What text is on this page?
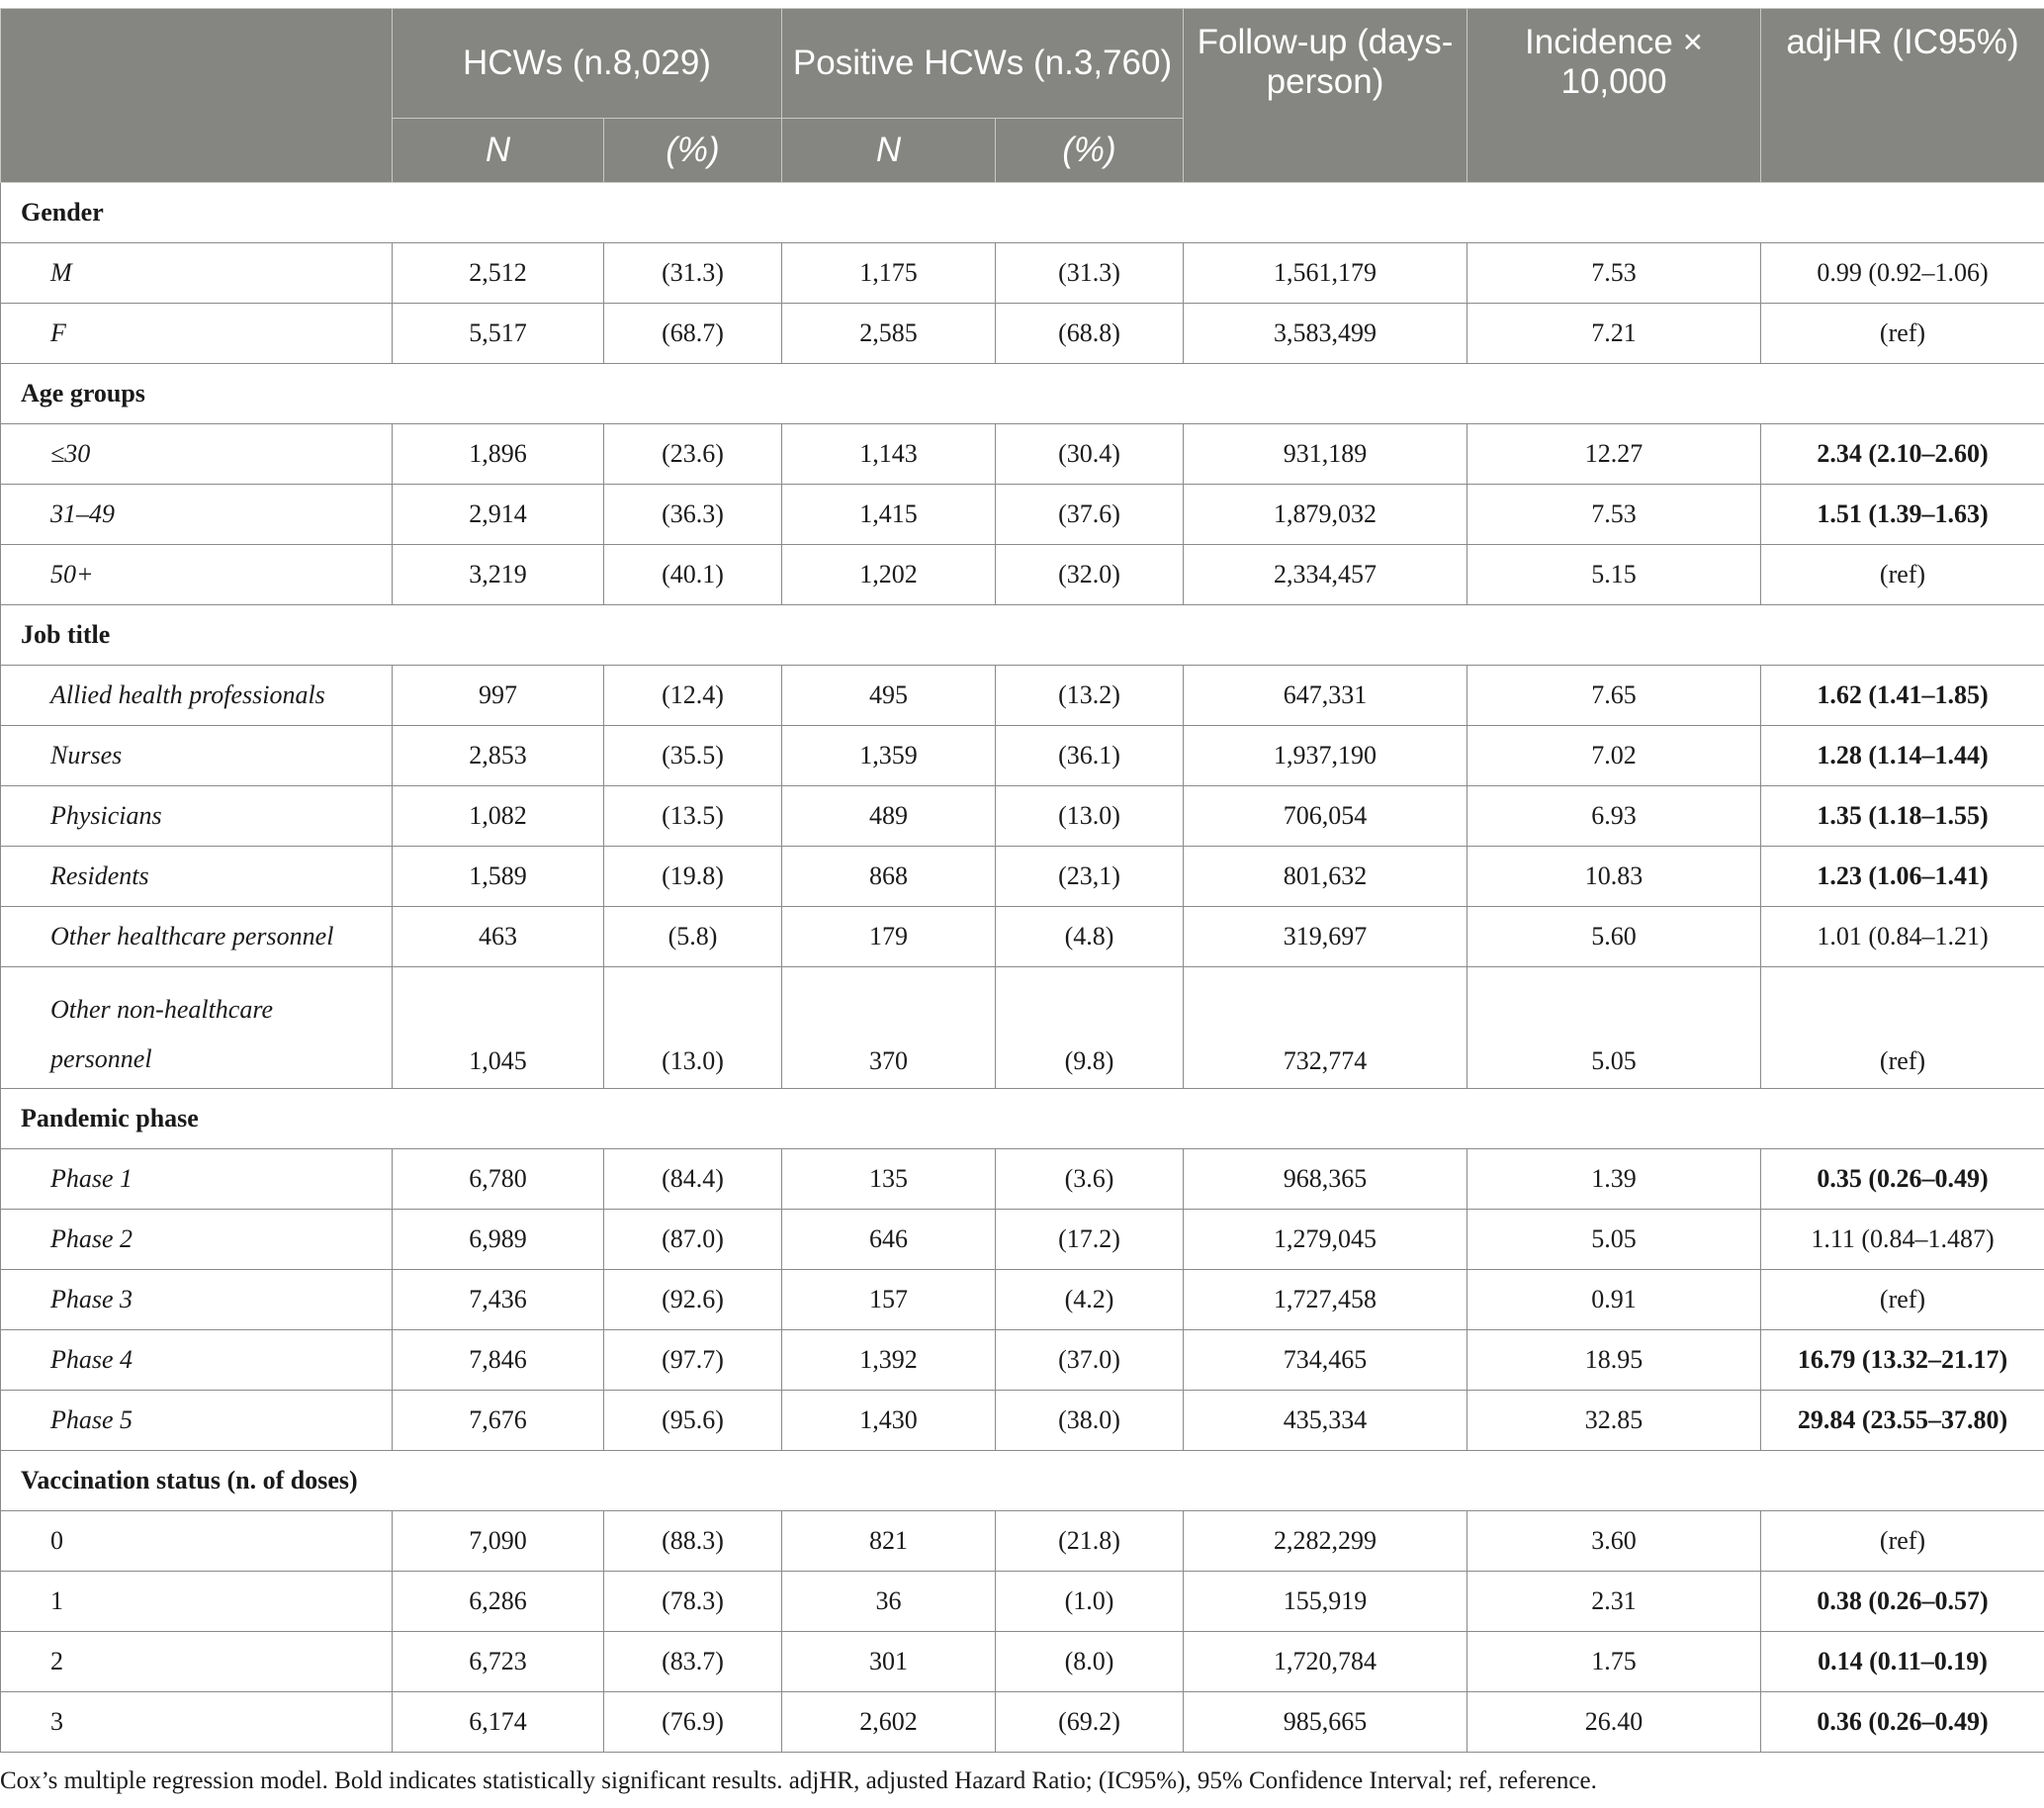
	HCWs (n.8,029)		Positive HCWs (n.3,760)		Follow-up (days-person)	Incidence × 10,000	adjHR (IC95%)
	N	(%)	N	(%)			
Gender							
M	2,512	(31.3)	1,175	(31.3)	1,561,179	7.53	0.99 (0.92–1.06)
F	5,517	(68.7)	2,585	(68.8)	3,583,499	7.21	(ref)
Age groups							
≤30	1,896	(23.6)	1,143	(30.4)	931,189	12.27	2.34 (2.10–2.60)
31–49	2,914	(36.3)	1,415	(37.6)	1,879,032	7.53	1.51 (1.39–1.63)
50+	3,219	(40.1)	1,202	(32.0)	2,334,457	5.15	(ref)
Job title							
Allied health professionals	997	(12.4)	495	(13.2)	647,331	7.65	1.62 (1.41–1.85)
Nurses	2,853	(35.5)	1,359	(36.1)	1,937,190	7.02	1.28 (1.14–1.44)
Physicians	1,082	(13.5)	489	(13.0)	706,054	6.93	1.35 (1.18–1.55)
Residents	1,589	(19.8)	868	(23,1)	801,632	10.83	1.23 (1.06–1.41)
Other healthcare personnel	463	(5.8)	179	(4.8)	319,697	5.60	1.01 (0.84–1.21)
Other non-healthcare personnel	1,045	(13.0)	370	(9.8)	732,774	5.05	(ref)
Pandemic phase							
Phase 1	6,780	(84.4)	135	(3.6)	968,365	1.39	0.35 (0.26–0.49)
Phase 2	6,989	(87.0)	646	(17.2)	1,279,045	5.05	1.11 (0.84–1.487)
Phase 3	7,436	(92.6)	157	(4.2)	1,727,458	0.91	(ref)
Phase 4	7,846	(97.7)	1,392	(37.0)	734,465	18.95	16.79 (13.32–21.17)
Phase 5	7,676	(95.6)	1,430	(38.0)	435,334	32.85	29.84 (23.55–37.80)
Vaccination status (n. of doses)							
0	7,090	(88.3)	821	(21.8)	2,282,299	3.60	(ref)
1	6,286	(78.3)	36	(1.0)	155,919	2.31	0.38 (0.26–0.57)
2	6,723	(83.7)	301	(8.0)	1,720,784	1.75	0.14 (0.11–0.19)
3	6,174	(76.9)	2,602	(69.2)	985,665	26.40	0.36 (0.26–0.49)
Cox’s multiple regression model. Bold indicates statistically significant results. adjHR, adjusted Hazard Ratio; (IC95%), 95% Confidence Interval; ref, reference.
